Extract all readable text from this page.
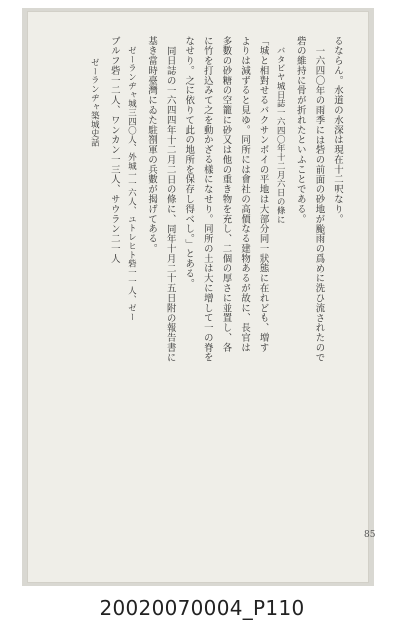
るならん。水道の水深は現在十二呎なり。

一六四〇年の雨季には砦の前面の砂地が颱雨の爲めに洗ひ流されたので

砦の維持に骨が折れたといふことである。

バタビヤ城日誌一六四〇年十二月六日の條に

「城と相對せるバクサンボイの平地は大部分同一狀態に在れども、増す

よりは減ずると見ゆ。同所には會社の高價なる建物あるが故に、長官は

多數の砂糖の空籠に砂又は他の重き物を充し、二個の厚さに並置し、各

に竹を打込みて之を動かざる樣になせり。同所の土は大に增して一の脊を

なせり。之に依りて此の地所を保存し得べし。」とある。

同日誌の一六四四年十二月二日の條に、同年十月二十五日附の報告書に

基き當時臺灣にゐた駐劄軍の兵數が揭げてある。

ゼーランヂャ城三四〇人、外城一一六人、ユトレヒト砦一一人、ゼー

ブルフ砦一二人、ワンカン一三人、サウラン二一人

ゼーランヂャ築城史話

85
20020070004_P110
